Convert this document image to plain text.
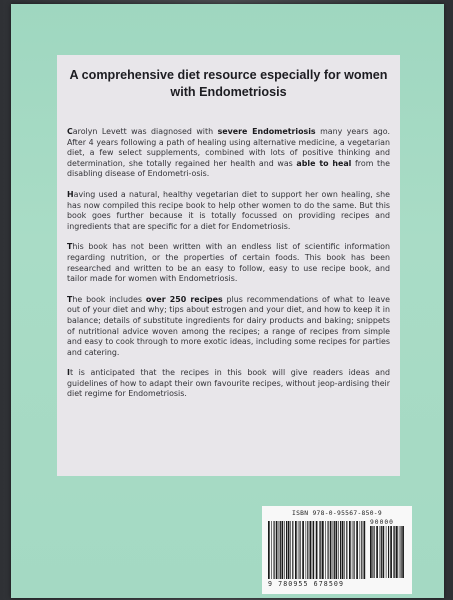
A comprehensive diet resource especially for women with Endometriosis
Carolyn Levett was diagnosed with severe Endometriosis many years ago. After 4 years following a path of healing using alternative medicine, a vegetarian diet, a few select supplements, combined with lots of positive thinking and determination, she totally regained her health and was able to heal from the disabling disease of Endometri-osis.
Having used a natural, healthy vegetarian diet to support her own healing, she has now compiled this recipe book to help other women to do the same. But this book goes further because it is totally focussed on providing recipes and ingredients that are specific for a diet for Endometriosis.
This book has not been written with an endless list of scientific information regarding nutrition, or the properties of certain foods. This book has been researched and written to be an easy to follow, easy to use recipe book, and tailor made for women with Endometriosis.
The book includes over 250 recipes plus recommendations of what to leave out of your diet and why; tips about estrogen and your diet, and how to keep it in balance; details of substitute ingredients for dairy products and baking; snippets of nutritional advice woven among the recipes; a range of recipes from simple and easy to cook through to more exotic ideas, including some recipes for parties and catering.
It is anticipated that the recipes in this book will give readers ideas and guidelines of how to adapt their own favourite recipes, without jeop-ardising their diet regime for Endometriosis.
ISBN 978-0-95567-850-9
90000
9 780955 678509
